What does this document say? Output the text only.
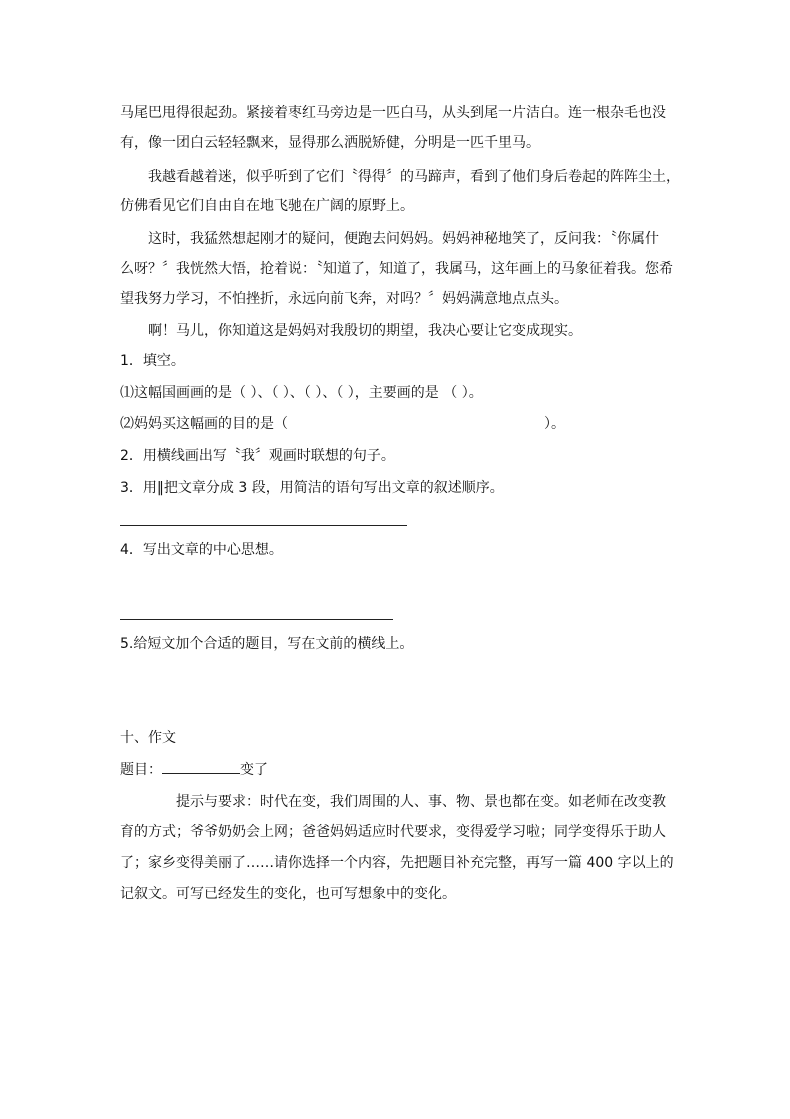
马尾巴甩得很起劲。紧接着枣红马旁边是一匹白马，从头到尾一片洁白。连一根杂毛也没
有，像一团白云轻轻飘来，显得那么洒脱矫健，分明是一匹千里马。
我越看越着迷，似乎听到了它们〝得得〞的马蹄声，看到了他们身后卷起的阵阵尘土，
仿佛看见它们自由自在地飞驰在广阔的原野上。
这时，我猛然想起刚才的疑问，便跑去问妈妈。妈妈神秘地笑了，反问我：〝你属什
么呀？〞我恍然大悟，抢着说：〝知道了，知道了，我属马，这年画上的马象征着我。您希
望我努力学习，不怕挫折，永远向前飞奔，对吗？〞妈妈满意地点点头。
啊！马儿，你知道这是妈妈对我殷切的期望，我决心要让它变成现实。
1．填空。
⑴这幅国画画的是（ ）、（ ）、（ ）、（ ），主要画的是 （ ）。
⑵妈妈买这幅画的目的是（	）。
2．用横线画出写〝我〞观画时联想的句子。
3．用‖把文章分成 3 段，用简洁的语句写出文章的叙述顺序。
4．写出文章的中心思想。
5.给短文加个合适的题目，写在文前的横线上。
十、作文
题目：	变了
提示与要求：时代在变，我们周围的人、事、物、景也都在变。如老师在改变教
育的方式；爷爷奶奶会上网；爸爸妈妈适应时代要求，变得爱学习啦；同学变得乐于助人
了；家乡变得美丽了……请你选择一个内容，先把题目补充完整，再写一篇 400 字以上的
记叙文。可写已经发生的变化，也可写想象中的变化。
